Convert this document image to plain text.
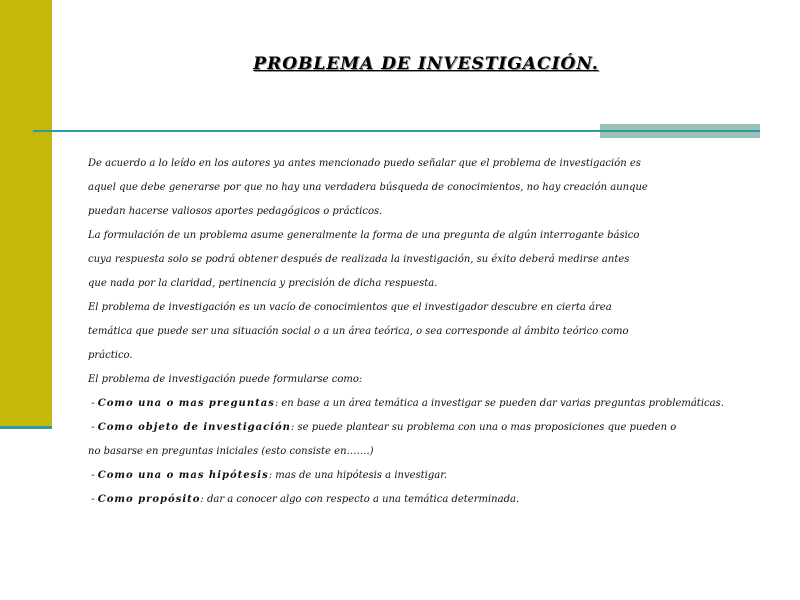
PROBLEMA DE INVESTIGACIÓN.
De acuerdo a lo leído en los autores ya antes mencionado puedo señalar que el problema de investigación es
aquel que debe generarse por que no hay una verdadera búsqueda de conocimientos, no hay creación aunque
puedan hacerse valiosos aportes pedagógicos o prácticos.
La formulación de un problema asume generalmente la forma de una pregunta de algún interrogante básico
cuya respuesta solo se podrá obtener después de realizada la investigación, su éxito deberá medirse antes
que nada por la claridad, pertinencia y precisión de dicha respuesta.
El problema de investigación es un vacío de conocimientos que el investigador descubre en cierta área
temática que puede ser una situación social o a un área teórica, o sea corresponde al ámbito teórico como
práctico.
El problema de investigación puede formularse como:
- Como una o mas preguntas: en base a un área temática a investigar se pueden dar varias preguntas problemáticas.
- Como objeto de investigación: se puede plantear su problema con una o mas proposiciones que pueden o
no basarse en preguntas iniciales (esto consiste en…….)
- Como una o mas hipótesis: mas de una hipótesis a investigar.
- Como propósito: dar a conocer algo con respecto a una temática determinada.
